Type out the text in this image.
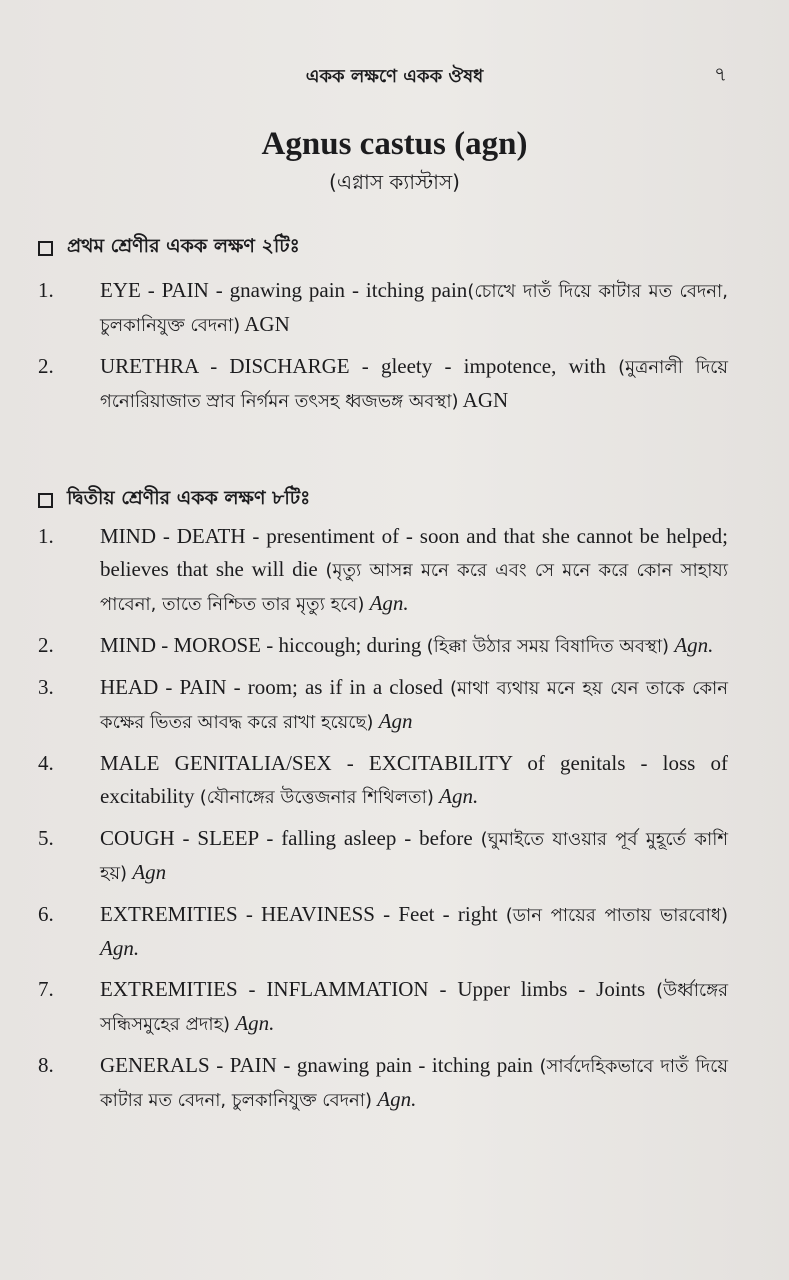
একক লক্ষণে একক ঔষধ	৭
Agnus castus (agn)
(এগ্নাস ক্যাস্টাস)
প্রথম শ্রেণীর একক লক্ষণ ২টিঃ
1.	EYE - PAIN - gnawing pain - itching pain(চোখে দাতঁ দিয়ে কাটার মত বেদনা, চুলকানিযুক্ত বেদনা) AGN
2.	URETHRA - DISCHARGE - gleety - impotence, with (মুত্রনালী দিয়ে গনোরিয়াজাত স্রাব নির্গমন তৎসহ ধ্বজভঙ্গ অবস্থা) AGN
দ্বিতীয় শ্রেণীর একক লক্ষণ ৮টিঃ
1.	MIND - DEATH - presentiment of - soon and that she cannot be helped; believes that she will die (মৃত্যু আসন্ন মনে করে এবং সে মনে করে কোন সাহায্য পাবেনা, তাতে নিশ্চিত তার মৃত্যু হবে) Agn.
2.	MIND - MOROSE - hiccough; during (হিক্কা উঠার সময় বিষাদিত অবস্থা) Agn.
3.	HEAD - PAIN - room; as if in a closed (মাথা ব্যথায় মনে হয় যেন তাকে কোন কক্ষের ভিতর আবদ্ধ করে রাখা হয়েছে) Agn
4.	MALE GENITALIA/SEX - EXCITABILITY of genitals - loss of excitability (যৌনাঙ্গের উত্তেজনার শিথিলতা) Agn.
5.	COUGH - SLEEP - falling asleep - before (ঘুমাইতে যাওয়ার পূর্ব মুহূর্তে কাশি হয়) Agn
6.	EXTREMITIES - HEAVINESS - Feet - right (ডান পায়ের পাতায় ভারবোধ) Agn.
7.	EXTREMITIES - INFLAMMATION - Upper limbs - Joints (উর্ধ্বাঙ্গের সন্ধিসমুহের প্রদাহ) Agn.
8.	GENERALS - PAIN - gnawing pain - itching pain (সার্বদেহিকভাবে দাতঁ দিয়ে কাটার মত বেদনা, চুলকানিযুক্ত বেদনা) Agn.
